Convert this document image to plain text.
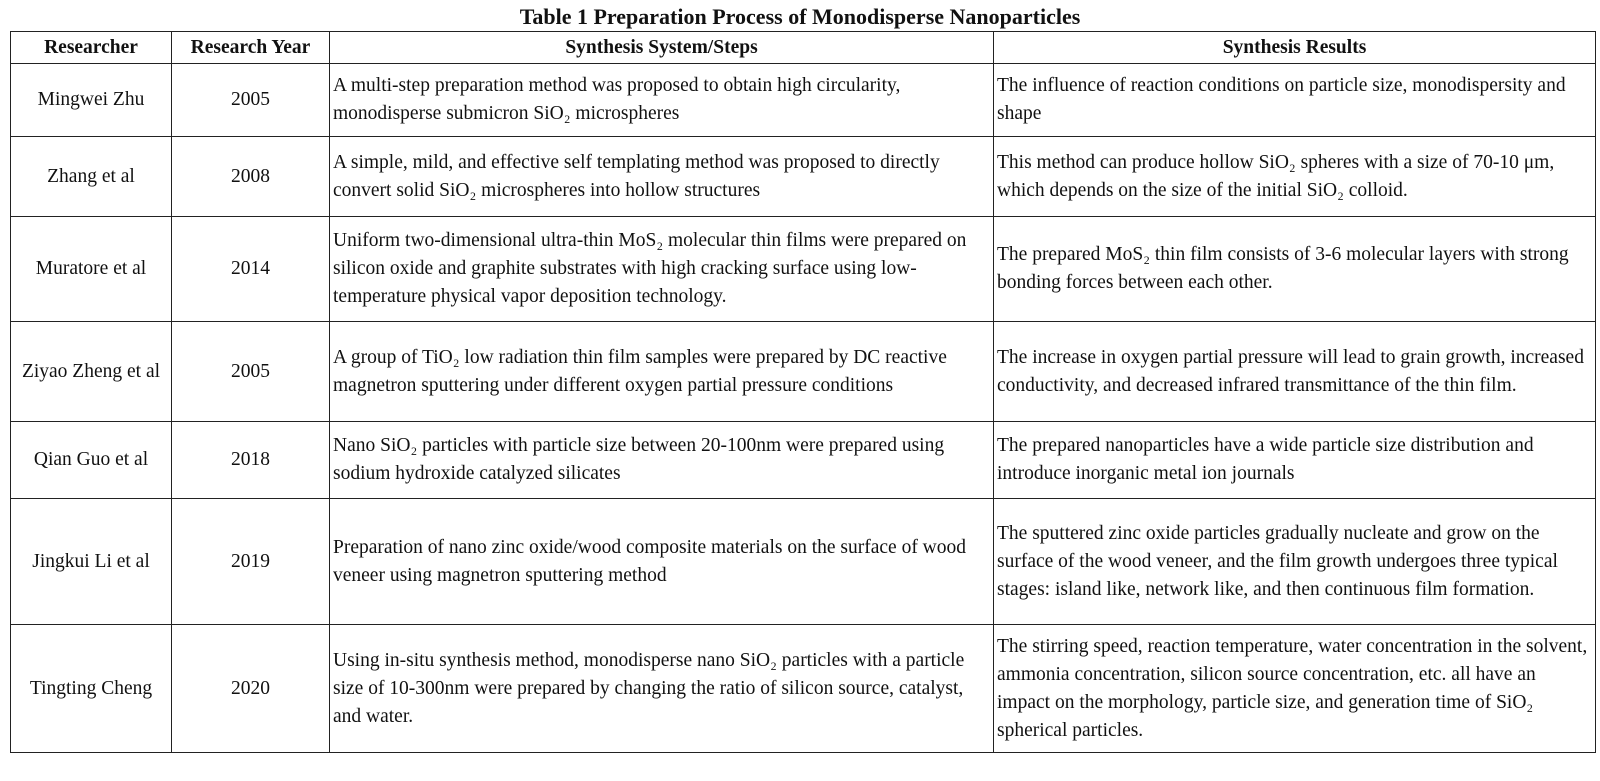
Table 1 Preparation Process of Monodisperse Nanoparticles
Researcher	Research Year	Synthesis System/Steps	Synthesis Results
Mingwei Zhu	2005	A multi-step preparation method was proposed to obtain high circularity, monodisperse submicron SiO₂ microspheres	The influence of reaction conditions on particle size, monodispersity and shape
Zhang et al	2008	A simple, mild, and effective self templating method was proposed to directly convert solid SiO₂ microspheres into hollow structures	This method can produce hollow SiO₂ spheres with a size of 70-10 μm, which depends on the size of the initial SiO₂ colloid.
Muratore et al	2014	Uniform two-dimensional ultra-thin MoS₂ molecular thin films were prepared on silicon oxide and graphite substrates with high cracking surface using low-temperature physical vapor deposition technology.	The prepared MoS₂ thin film consists of 3-6 molecular layers with strong bonding forces between each other.
Ziyao Zheng et al	2005	A group of TiO₂ low radiation thin film samples were prepared by DC reactive magnetron sputtering under different oxygen partial pressure conditions	The increase in oxygen partial pressure will lead to grain growth, increased conductivity, and decreased infrared transmittance of the thin film.
Qian Guo et al	2018	Nano SiO₂ particles with particle size between 20-100nm were prepared using sodium hydroxide catalyzed silicates	The prepared nanoparticles have a wide particle size distribution and introduce inorganic metal ion journals
Jingkui Li et al	2019	Preparation of nano zinc oxide/wood composite materials on the surface of wood veneer using magnetron sputtering method	The sputtered zinc oxide particles gradually nucleate and grow on the surface of the wood veneer, and the film growth undergoes three typical stages: island like, network like, and then continuous film formation.
Tingting Cheng	2020	Using in-situ synthesis method, monodisperse nano SiO₂ particles with a particle size of 10-300nm were prepared by changing the ratio of silicon source, catalyst, and water.	The stirring speed, reaction temperature, water concentration in the solvent, ammonia concentration, silicon source concentration, etc. all have an impact on the morphology, particle size, and generation time of SiO₂ spherical particles.
